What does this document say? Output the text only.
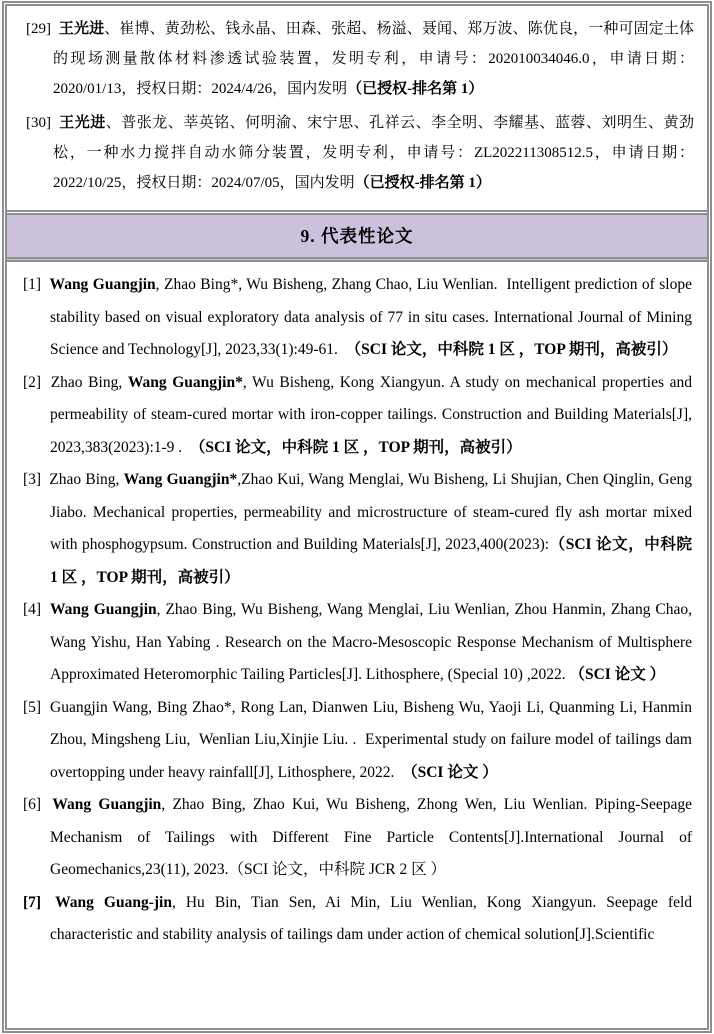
[29] 王光进、崔博、黄劲松、钱永晶、田森、张超、杨溢、聂闻、郑万波、陈优良，一种可固定土体的现场测量散体材料渗透试验装置，发明专利，申请号：202010034046.0，申请日期：2020/01/13，授权日期：2024/4/26，国内发明（已授权-排名第 1）
[30] 王光进、普张龙、莘英铭、何明渝、宋宁思、孔祥云、李全明、李耀基、蓝蓉、刘明生、黄劲松，一种水力搅拌自动水筛分装置，发明专利，申请号：ZL202211308512.5，申请日期：2022/10/25，授权日期：2024/07/05，国内发明（已授权-排名第 1）
9. 代表性论文
[1] Wang Guangjin, Zhao Bing*, Wu Bisheng, Zhang Chao, Liu Wenlian.  Intelligent prediction of slope stability based on visual exploratory data analysis of 77 in situ cases. International Journal of Mining Science and Technology[J], 2023,33(1):49-61.  （SCI 论文，中科院 1 区 ，TOP 期刊，高被引）
[2] Zhao Bing, Wang Guangjin*, Wu Bisheng, Kong Xiangyun. A study on mechanical properties and permeability of steam-cured mortar with iron-copper tailings. Construction and Building Materials[J], 2023,383(2023):1-9 .  （SCI 论文，中科院 1 区 ，TOP 期刊，高被引）
[3] Zhao Bing, Wang Guangjin*,Zhao Kui, Wang Menglai, Wu Bisheng, Li Shujian, Chen Qinglin, Geng Jiabo. Mechanical properties, permeability and microstructure of steam-cured fly ash mortar mixed with phosphogypsum. Construction and Building Materials[J], 2023,400(2023):（SCI 论文，中科院 1 区 ，TOP 期刊，高被引）
[4] Wang Guangjin, Zhao Bing, Wu Bisheng, Wang Menglai, Liu Wenlian, Zhou Hanmin, Zhang Chao, Wang Yishu, Han Yabing . Research on the Macro-Mesoscopic Response Mechanism of Multisphere Approximated Heteromorphic Tailing Particles[J]. Lithosphere, (Special 10) ,2022. （SCI 论文 ）
[5] Guangjin Wang, Bing Zhao*, Rong Lan, Dianwen Liu, Bisheng Wu, Yaoji Li, Quanming Li, Hanmin Zhou, Mingsheng Liu,  Wenlian Liu,Xinjie Liu. .  Experimental study on failure model of tailings dam overtopping under heavy rainfall[J], Lithosphere, 2022.  （SCI 论文 ）
[6] Wang Guangjin, Zhao Bing, Zhao Kui, Wu Bisheng, Zhong Wen, Liu Wenlian. Piping-Seepage Mechanism of Tailings with Different Fine Particle Contents[J].International Journal of Geomechanics,23(11), 2023.（SCI 论文，中科院 JCR 2 区 ）
[7] Wang Guang-jin, Hu Bin, Tian Sen, Ai Min, Liu Wenlian, Kong Xiangyun. Seepage feld characteristic and stability analysis of tailings dam under action of chemical solution[J].Scientific
